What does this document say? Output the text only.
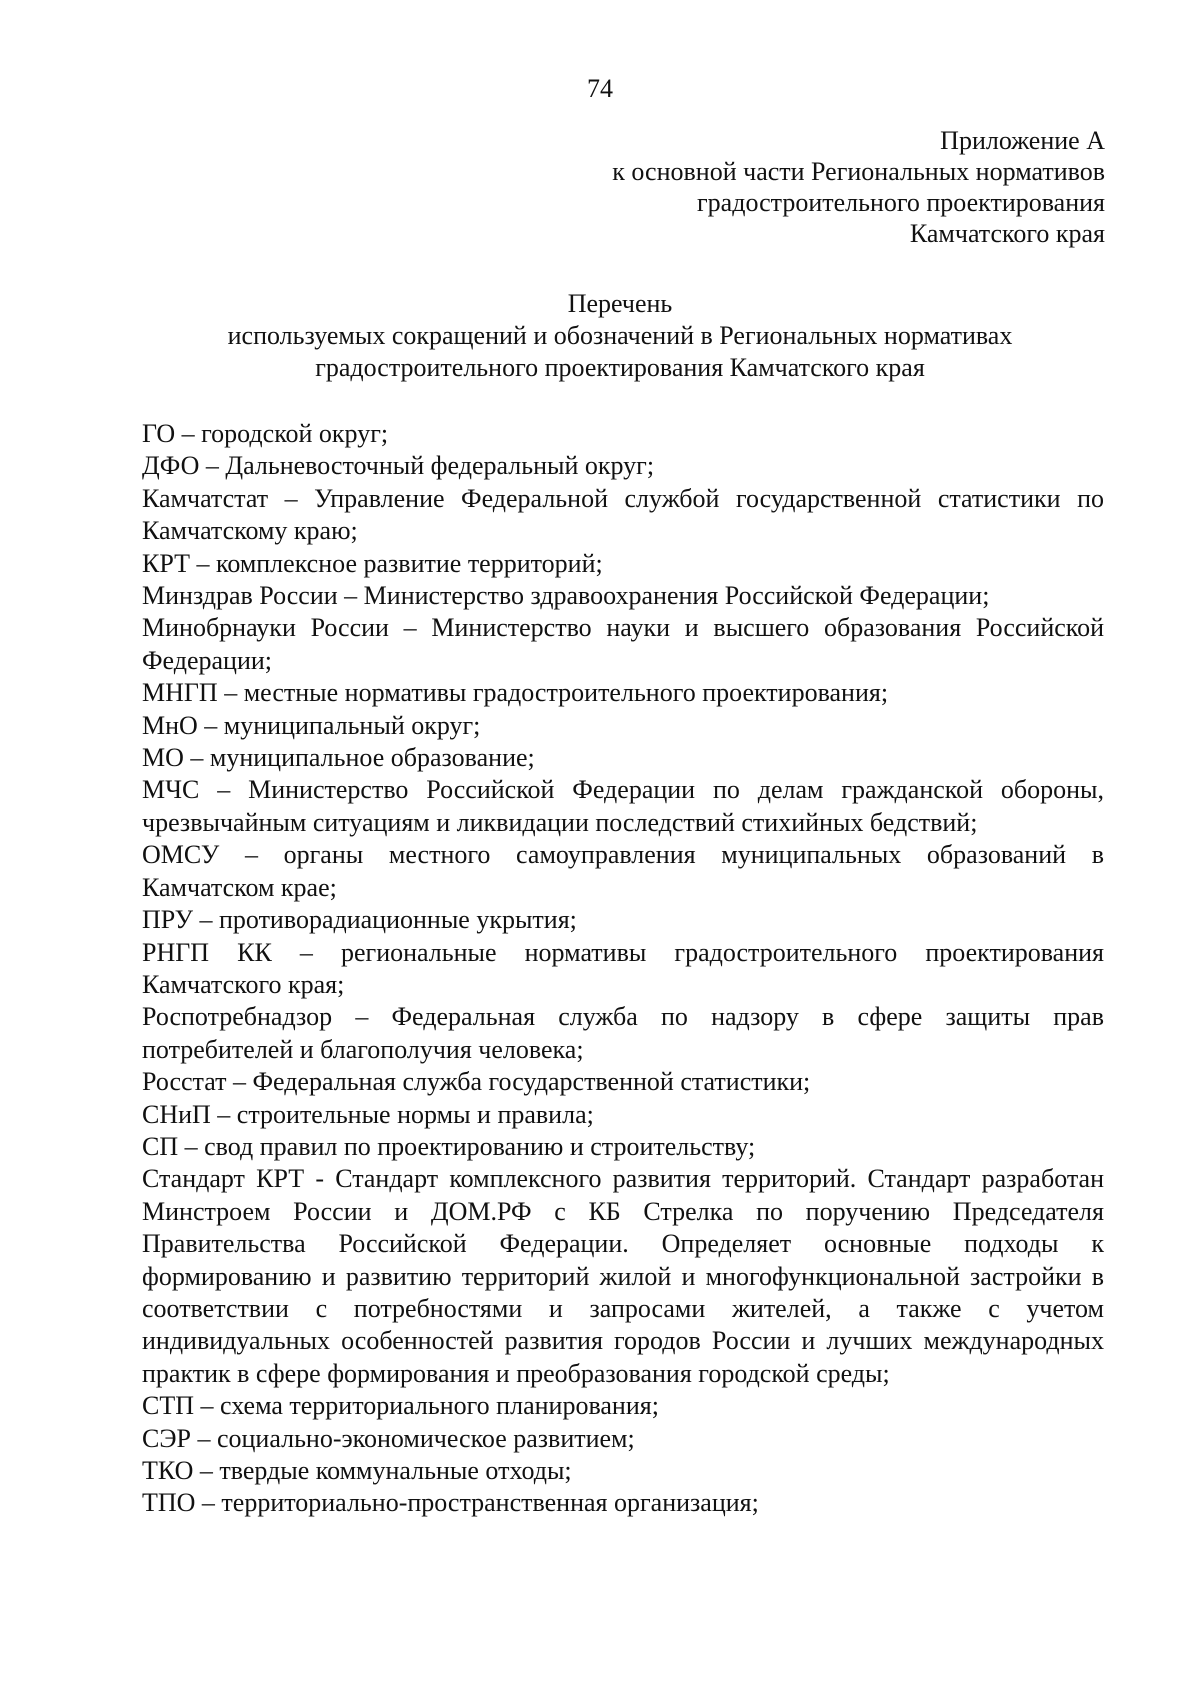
74
Приложение А
к основной части Региональных нормативов
градостроительного проектирования
Камчатского края
Перечень
используемых сокращений и обозначений в Региональных нормативах
градостроительного проектирования Камчатского края

ГО – городской округ;

ДФО – Дальневосточный федеральный округ;

Камчатстат – Управление Федеральной службой государственной статистики по Камчатскому краю;

КРТ – комплексное развитие территорий;

Минздрав России – Министерство здравоохранения Российской Федерации;

Минобрнауки России – Министерство науки и высшего образования Российской Федерации;

МНГП – местные нормативы градостроительного проектирования;

МнО – муниципальный округ;

МО – муниципальное образование;

МЧС – Министерство Российской Федерации по делам гражданской обороны, чрезвычайным ситуациям и ликвидации последствий стихийных бедствий;

ОМСУ – органы местного самоуправления муниципальных образований в Камчатском крае;

ПРУ – противорадиационные укрытия;

РНГП КК – региональные нормативы градостроительного проектирования Камчатского края;

Роспотребнадзор – Федеральная служба по надзору в сфере защиты прав потребителей и благополучия человека;

Росстат – Федеральная служба государственной статистики;

СНиП – строительные нормы и правила;

СП – свод правил по проектированию и строительству;

Стандарт КРТ - Стандарт комплексного развития территорий. Стандарт разработан Минстроем России и ДОМ.РФ с КБ Стрелка по поручению Председателя Правительства Российской Федерации. Определяет основные подходы к формированию и развитию территорий жилой и многофункциональной застройки в соответствии с потребностями и запросами жителей, а также с учетом индивидуальных особенностей развития городов России и лучших международных практик в сфере формирования и преобразования городской среды;

СТП – схема территориального планирования;

СЭР – социально-экономическое развитием;

ТКО – твердые коммунальные отходы;

ТПО – территориально-пространственная организация;
